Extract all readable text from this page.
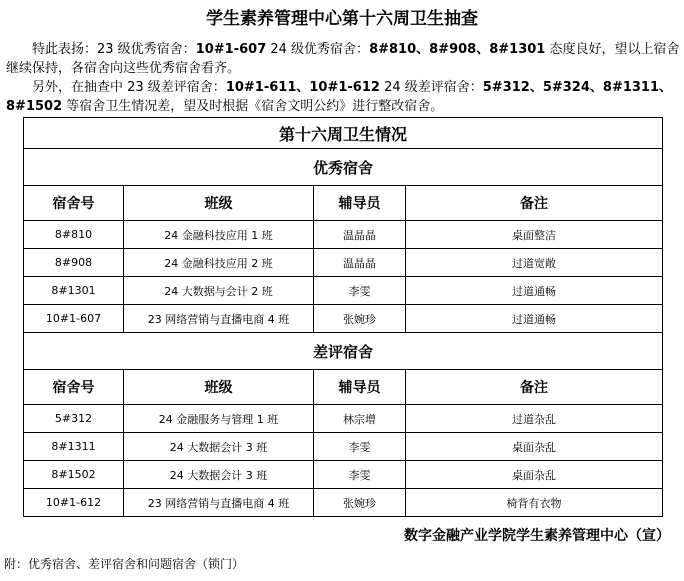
学生素养管理中心第十六周卫生抽查
  特此表扬：23 级优秀宿舍：10#1-607 24 级优秀宿舍：8#810、8#908、8#1301 态度良好，望以上宿舍继续保持，各宿舍向这些优秀宿舍看齐。
  另外，在抽查中 23 级差评宿舍：10#1-611、10#1-612 24 级差评宿舍：5#312、5#324、8#1311、8#1502 等宿舍卫生情况差，望及时根据《宿舍文明公约》进行整改宿舍。
第十六周卫生情况			
优秀宿舍			
宿舍号	班级	辅导员	备注
8#810	24 金融科技应用 1 班	温晶晶	桌面整洁
8#908	24 金融科技应用 2 班	温晶晶	过道宽敞
8#1301	24 大数据与会计 2 班	李雯	过道通畅
10#1-607	23 网络营销与直播电商 4 班	张婉珍	过道通畅
差评宿舍			
宿舍号	班级	辅导员	备注
5#312	24 金融服务与管理 1 班	林宗增	过道杂乱
8#1311	24 大数据会计 3 班	李雯	桌面杂乱
8#1502	24 大数据会计 3 班	李雯	桌面杂乱
10#1-612	23 网络营销与直播电商 4 班	张婉珍	椅背有衣物
数字金融产业学院学生素养管理中心（宣）
附：优秀宿舍、差评宿舍和问题宿舍（锁门）
